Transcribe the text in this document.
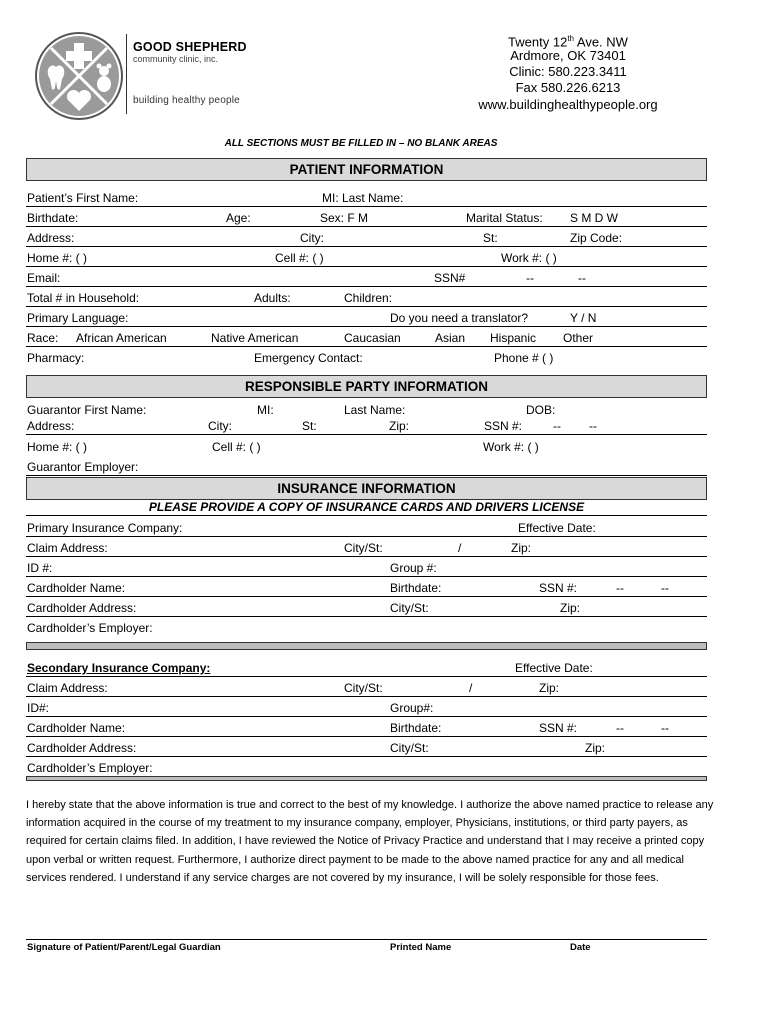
GOOD SHEPHERD
community clinic, inc.
building healthy people
Twenty 12th Ave. NW
Ardmore, OK 73401
Clinic: 580.223.3411
Fax 580.226.6213
www.buildinghealthypeople.org
ALL SECTIONS MUST BE FILLED IN – NO BLANK AREAS
PATIENT INFORMATION
Patient’s First Name:	MI: Last Name:
Birthdate:	Age:	Sex: F M	Marital Status: S M D W
Address:	City:	St:	Zip Code:
Home #: ( )	Cell #: ( )	Work #: ( )
Email:	SSN#	--	--
Total # in Household:	Adults:	Children:
Primary Language:	Do you need a translator?	Y / N
Race: African American	Native American	Caucasian	Asian Hispanic Other
Pharmacy:	Emergency Contact:	Phone # ( )
RESPONSIBLE PARTY INFORMATION
Guarantor First Name:	MI:	Last Name:	DOB:
Address:	City:	St:	Zip:	SSN #:	-- --
Home #: ( )	Cell #: ( )	Work #: ( )
Guarantor Employer:
INSURANCE INFORMATION
PLEASE PROVIDE A COPY OF INSURANCE CARDS AND DRIVERS LICENSE
Primary Insurance Company:	Effective Date:
Claim Address:	City/St:	/	Zip:
ID #:	Group #:
Cardholder Name:	Birthdate:	SSN #:	--	--
Cardholder Address:	City/St:	Zip:
Cardholder’s Employer:
Secondary Insurance Company:	Effective Date:
Claim Address:	City/St:	/	Zip:
ID#:	Group#:
Cardholder Name:	Birthdate:	SSN #:	--	--
Cardholder Address:	City/St:	Zip:
Cardholder’s Employer:
I hereby state that the above information is true and correct to the best of my knowledge. I authorize the above named practice to release any information acquired in the course of my treatment to my insurance company, employer, Physicians, institutions, or third party payers, as required for certain claims filed. In addition, I have reviewed the Notice of Privacy Practice and understand that I may receive a printed copy upon verbal or written request. Furthermore, I authorize direct payment to be made to the above named practice for any and all medical services rendered. I understand if any service charges are not covered by my insurance, I will be solely responsible for those fees.
Signature of Patient/Parent/Legal Guardian	Printed Name	Date
